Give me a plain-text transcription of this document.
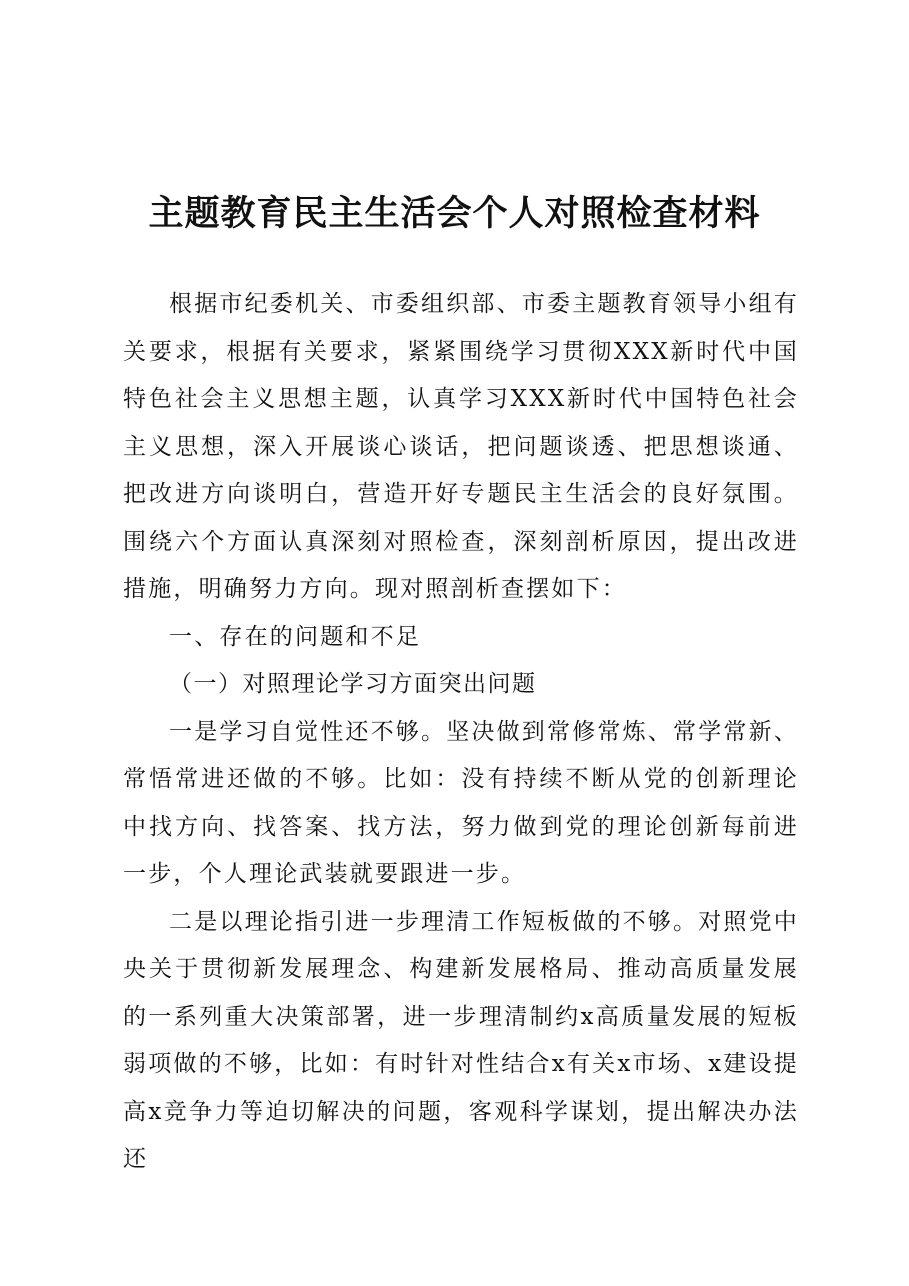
主题教育民主生活会个人对照检查材料

根据市纪委机关、市委组织部、市委主题教育领导小组有关要求，根据有关要求，紧紧围绕学习贯彻XXX新时代中国特色社会主义思想主题，认真学习XXX新时代中国特色社会主义思想，深入开展谈心谈话，把问题谈透、把思想谈通、把改进方向谈明白，营造开好专题民主生活会的良好氛围。围绕六个方面认真深刻对照检查，深刻剖析原因，提出改进措施，明确努力方向。现对照剖析查摆如下：

一、存在的问题和不足

（一）对照理论学习方面突出问题

一是学习自觉性还不够。坚决做到常修常炼、常学常新、常悟常进还做的不够。比如：没有持续不断从党的创新理论中找方向、找答案、找方法，努力做到党的理论创新每前进一步，个人理论武装就要跟进一步。

二是以理论指引进一步理清工作短板做的不够。对照党中央关于贯彻新发展理念、构建新发展格局、推动高质量发展的一系列重大决策部署，进一步理清制约x高质量发展的短板弱项做的不够，比如：有时针对性结合x有关x市场、x建设提高x竞争力等迫切解决的问题，客观科学谋划，提出解决办法还
